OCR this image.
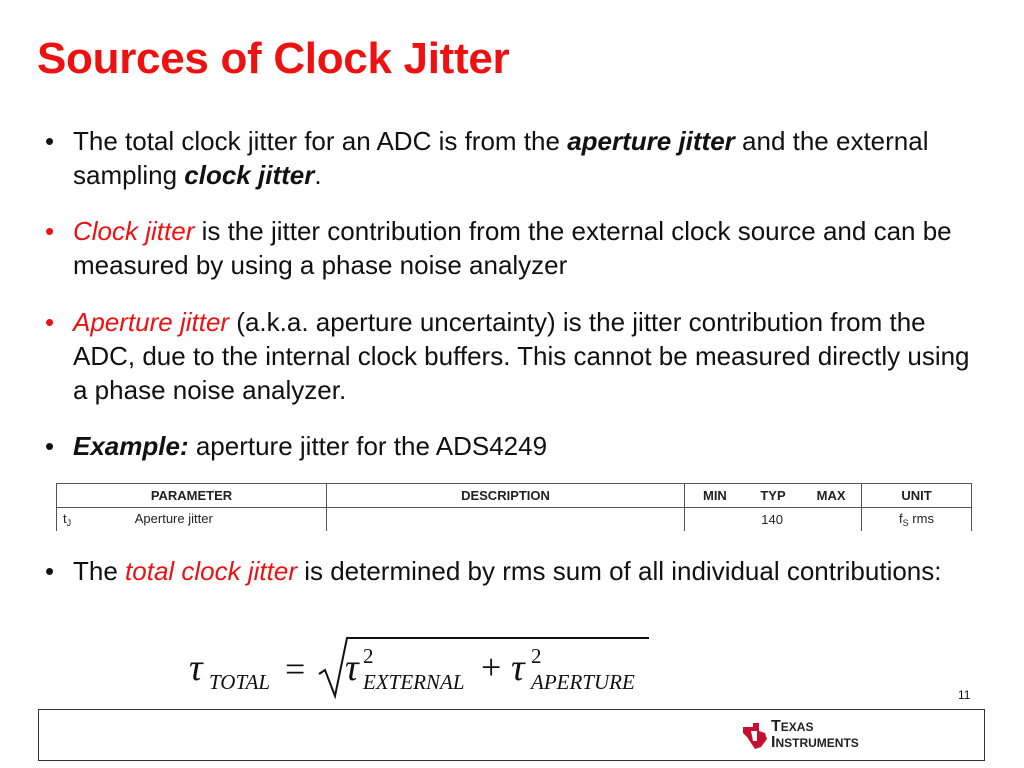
Sources of Clock Jitter
• The total clock jitter for an ADC is from the aperture jitter and the external sampling clock jitter.
• Clock jitter is the jitter contribution from the external clock source and can be measured by using a phase noise analyzer
• Aperture jitter (a.k.a. aperture uncertainty) is the jitter contribution from the ADC, due to the internal clock buffers. This cannot be measured directly using a phase noise analyzer.
• Example: aperture jitter for the ADS4249
PARAMETER	DESCRIPTION	MIN TYP MAX	UNIT
$t_J$ Aperture jitter		140	$f_S$ rms
• The total clock jitter is determined by rms sum of all individual contributions:
τ TOTAL = τ 2
EXTERNAL + τ 2
APERTURE
11
TEXAS
INSTRUMENTS
